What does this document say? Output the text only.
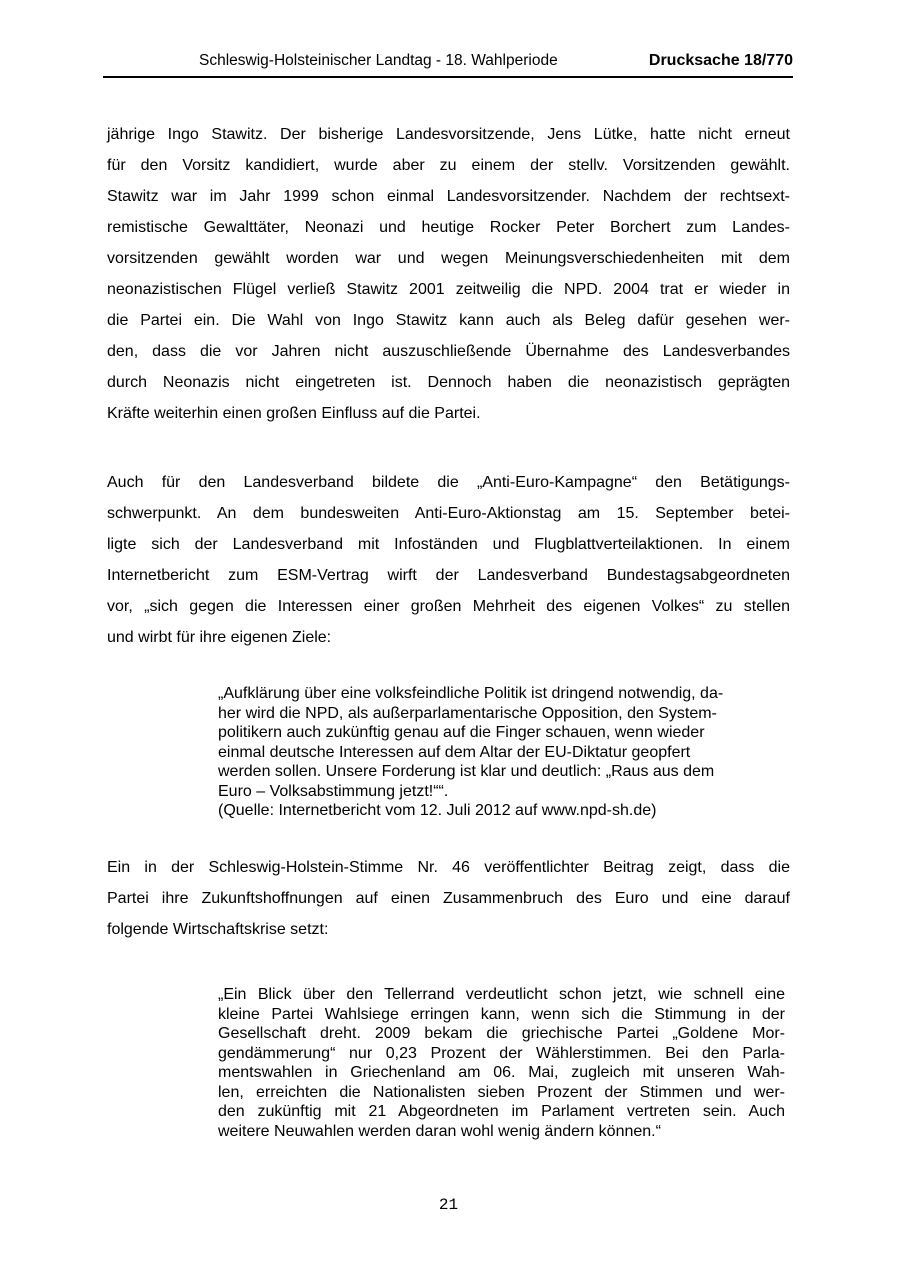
Schleswig-Holsteinischer Landtag - 18. Wahlperiode	Drucksache 18/770
jährige Ingo Stawitz. Der bisherige Landesvorsitzende, Jens Lütke, hatte nicht erneut
für den Vorsitz kandidiert, wurde aber zu einem der stellv. Vorsitzenden gewählt.
Stawitz war im Jahr 1999 schon einmal Landesvorsitzender. Nachdem der rechtsext-
remistische Gewalttäter, Neonazi und heutige Rocker Peter Borchert zum Landes-
vorsitzenden gewählt worden war und wegen Meinungsverschiedenheiten mit dem
neonazistischen Flügel verließ Stawitz 2001 zeitweilig die NPD. 2004 trat er wieder in
die Partei ein. Die Wahl von Ingo Stawitz kann auch als Beleg dafür gesehen wer-
den, dass die vor Jahren nicht auszuschließende Übernahme des Landesverbandes
durch Neonazis nicht eingetreten ist. Dennoch haben die neonazistisch geprägten
Kräfte weiterhin einen großen Einfluss auf die Partei.
Auch für den Landesverband bildete die „Anti-Euro-Kampagne“ den Betätigungs-
schwerpunkt. An dem bundesweiten Anti-Euro-Aktionstag am 15. September betei-
ligte sich der Landesverband mit Infoständen und Flugblattverteilaktionen. In einem
Internetbericht zum ESM-Vertrag wirft der Landesverband Bundestagsabgeordneten
vor, „sich gegen die Interessen einer großen Mehrheit des eigenen Volkes“ zu stellen
und wirbt für ihre eigenen Ziele:
„Aufklärung über eine volksfeindliche Politik ist dringend notwendig, da-
her wird die NPD, als außerparlamentarische Opposition, den System-
politikern auch zukünftig genau auf die Finger schauen, wenn wieder
einmal deutsche Interessen auf dem Altar der EU-Diktatur geopfert
werden sollen. Unsere Forderung ist klar und deutlich: „Raus aus dem
Euro – Volksabstimmung jetzt!““.
(Quelle: Internetbericht vom 12. Juli 2012 auf www.npd-sh.de)
Ein in der Schleswig-Holstein-Stimme Nr. 46 veröffentlichter Beitrag zeigt, dass die
Partei ihre Zukunftshoffnungen auf einen Zusammenbruch des Euro und eine darauf
folgende Wirtschaftskrise setzt:
„Ein Blick über den Tellerrand verdeutlicht schon jetzt, wie schnell eine
kleine Partei Wahlsiege erringen kann, wenn sich die Stimmung in der
Gesellschaft dreht. 2009 bekam die griechische Partei „Goldene Mor-
gendämmerung“ nur 0,23 Prozent der Wählerstimmen. Bei den Parla-
mentswahlen in Griechenland am 06. Mai, zugleich mit unseren Wah-
len, erreichten die Nationalisten sieben Prozent der Stimmen und wer-
den zukünftig mit 21 Abgeordneten im Parlament vertreten sein. Auch
weitere Neuwahlen werden daran wohl wenig ändern können.“
21
